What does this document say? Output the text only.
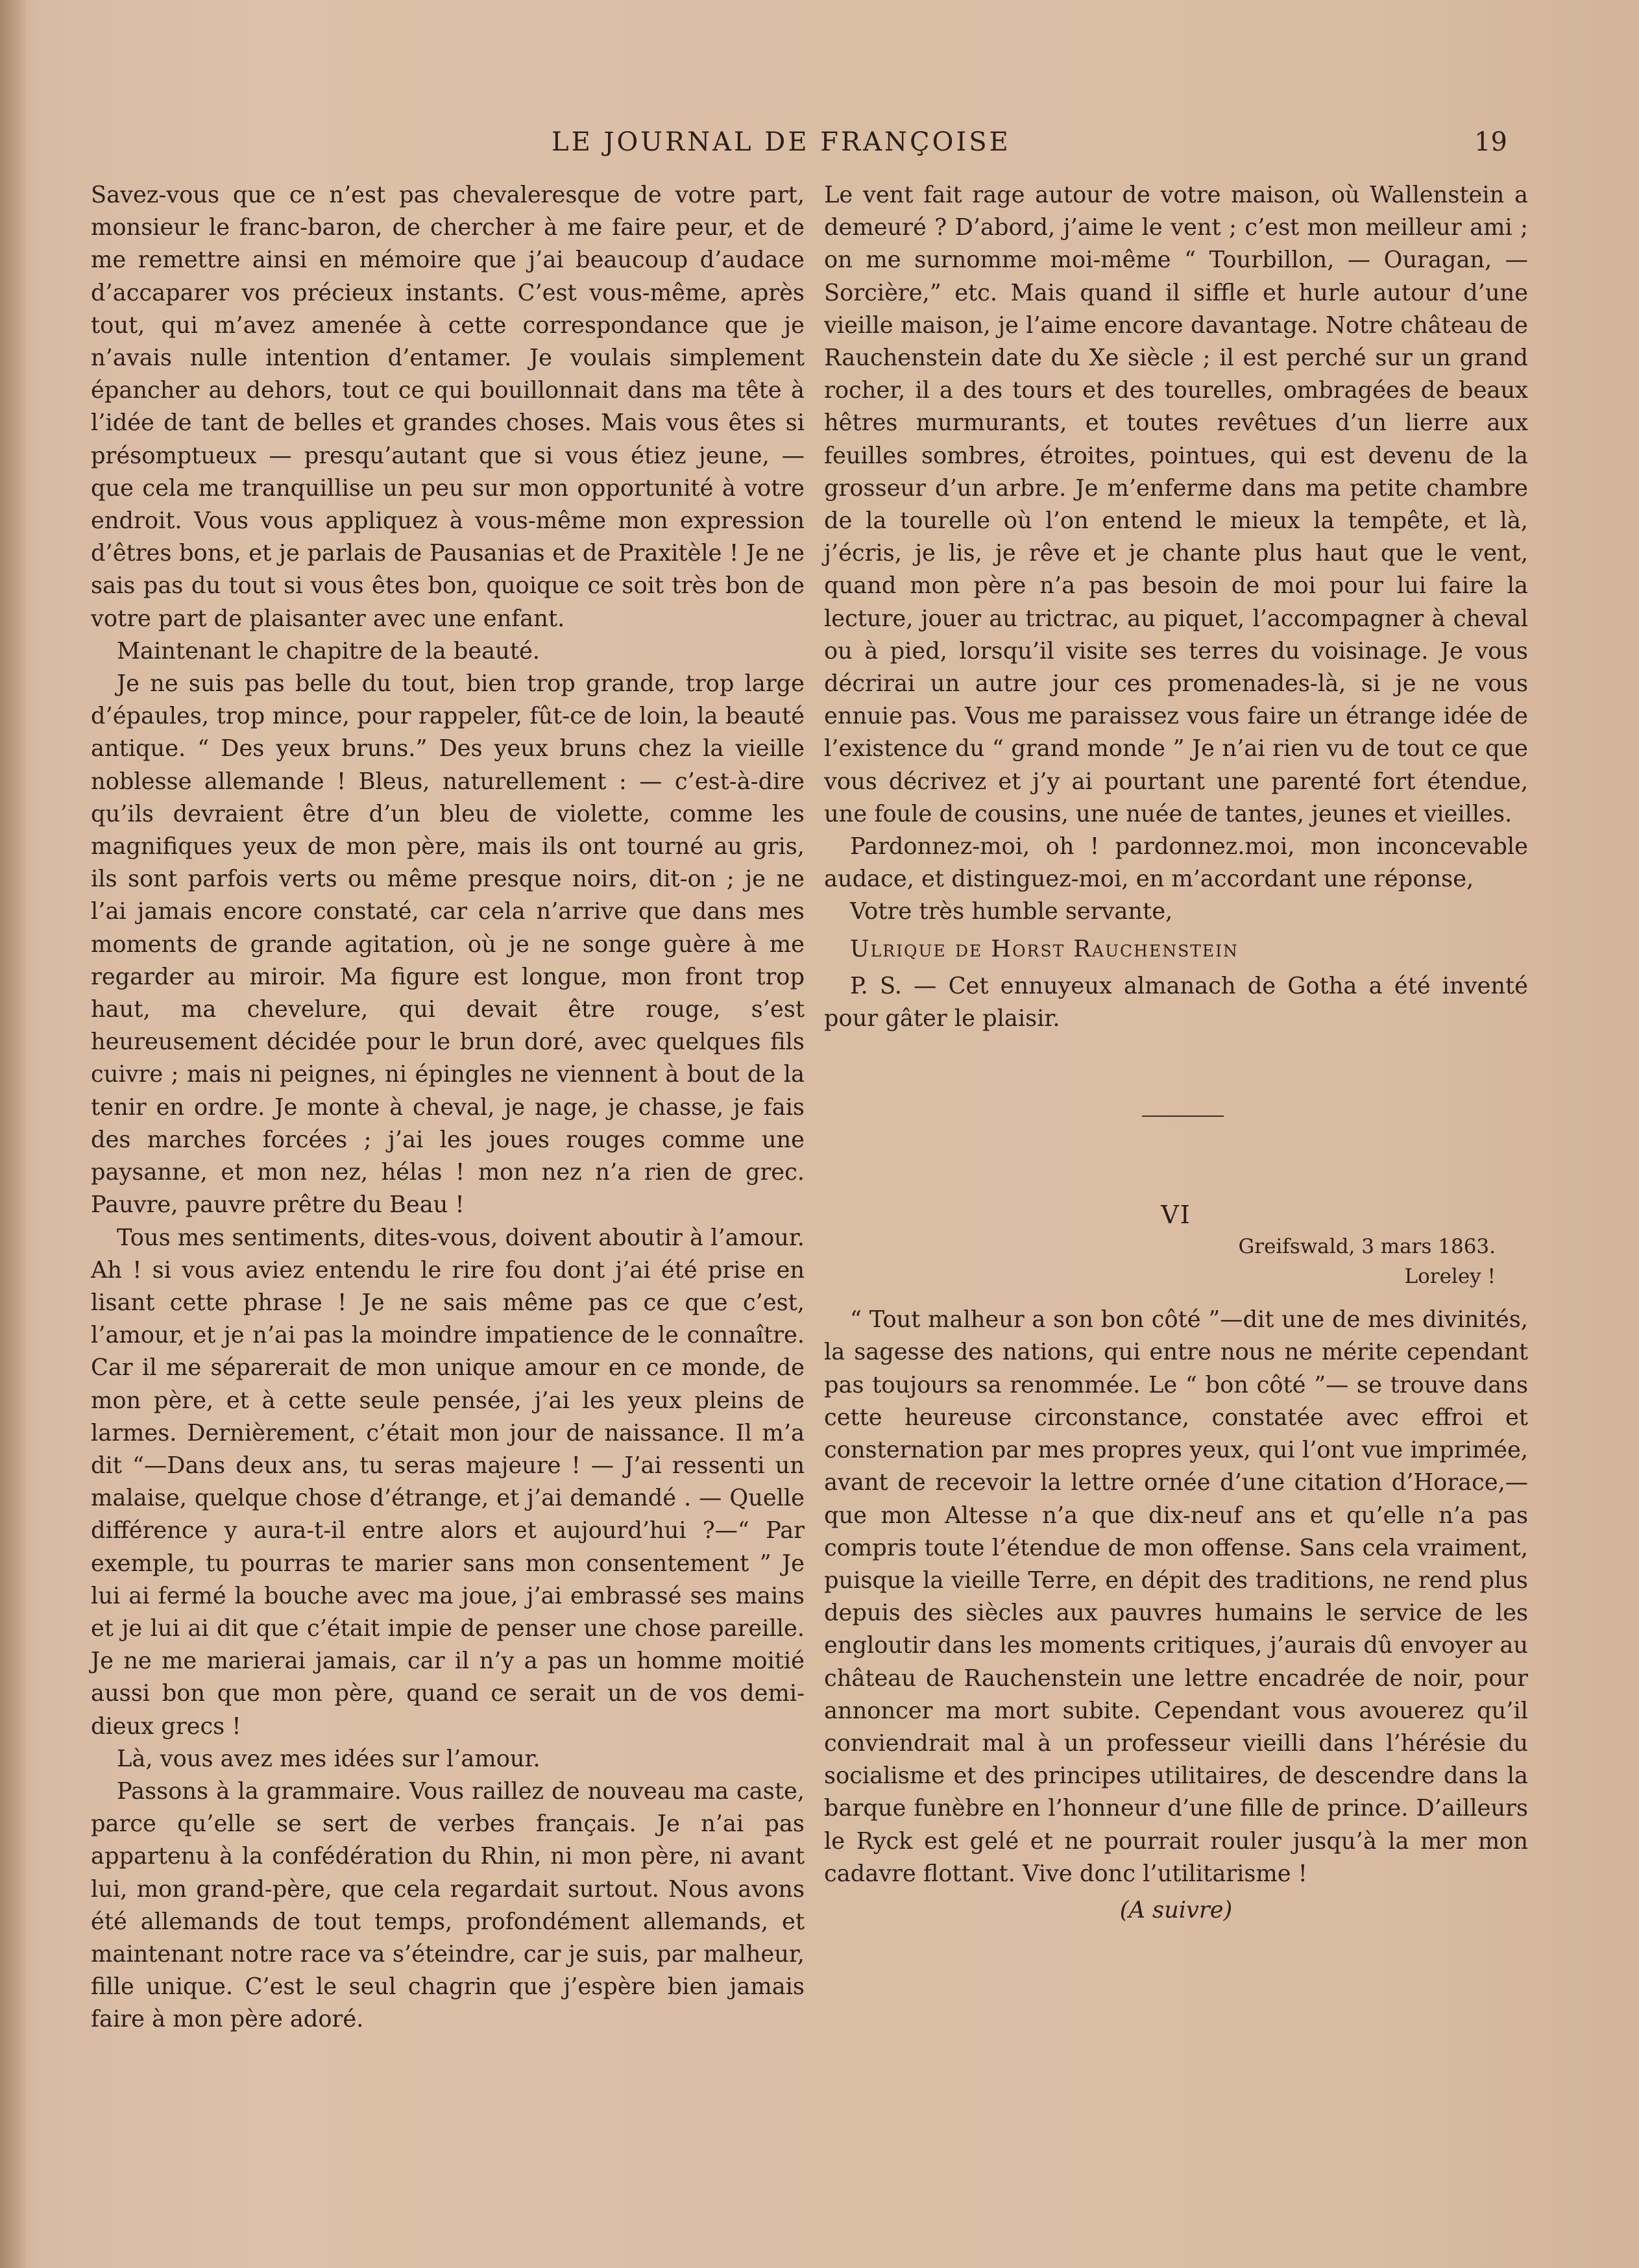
LE JOURNAL DE FRANÇOISE	19

Savez-vous que ce n’est pas chevaleresque de votre part, monsieur le franc-baron, de chercher à me faire peur, et de me remettre ainsi en mémoire que j’ai beaucoup d’audace d’accaparer vos précieux instants. C’est vous-même, après tout, qui m’avez amenée à cette correspondance que je n’avais nulle intention d’entamer. Je voulais simplement épancher au dehors, tout ce qui bouillonnait dans ma tête à l’idée de tant de belles et grandes choses. Mais vous êtes si présomptueux — presqu’autant que si vous étiez jeune, — que cela me tranquillise un peu sur mon opportunité à votre endroit. Vous vous appliquez à vous-même mon expression d’êtres bons, et je parlais de Pausanias et de Praxitèle ! Je ne sais pas du tout si vous êtes bon, quoique ce soit très bon de votre part de plaisanter avec une enfant.

Maintenant le chapitre de la beauté.

Je ne suis pas belle du tout, bien trop grande, trop large d’épaules, trop mince, pour rappeler, fût-ce de loin, la beauté antique. “ Des yeux bruns.” Des yeux bruns chez la vieille noblesse allemande ! Bleus, naturellement : — c’est-à-dire qu’ils devraient être d’un bleu de violette, comme les magnifiques yeux de mon père, mais ils ont tourné au gris, ils sont parfois verts ou même presque noirs, dit-on ; je ne l’ai jamais encore constaté, car cela n’arrive que dans mes moments de grande agitation, où je ne songe guère à me regarder au miroir. Ma figure est longue, mon front trop haut, ma chevelure, qui devait être rouge, s’est heureusement décidée pour le brun doré, avec quelques fils cuivre ; mais ni peignes, ni épingles ne viennent à bout de la tenir en ordre. Je monte à cheval, je nage, je chasse, je fais des marches forcées ; j’ai les joues rouges comme une paysanne, et mon nez, hélas ! mon nez n’a rien de grec. Pauvre, pauvre prêtre du Beau !

Tous mes sentiments, dites-vous, doivent aboutir à l’amour. Ah ! si vous aviez entendu le rire fou dont j’ai été prise en lisant cette phrase ! Je ne sais même pas ce que c’est, l’amour, et je n’ai pas la moindre impatience de le connaître. Car il me séparerait de mon unique amour en ce monde, de mon père, et à cette seule pensée, j’ai les yeux pleins de larmes. Dernièrement, c’était mon jour de naissance. Il m’a dit “—Dans deux ans, tu seras majeure ! — J’ai ressenti un malaise, quelque chose d’étrange, et j’ai demandé . — Quelle différence y aura-t-il entre alors et aujourd’hui ?—“ Par exemple, tu pourras te marier sans mon consentement ” Je lui ai fermé la bouche avec ma joue, j’ai embrassé ses mains et je lui ai dit que c’était impie de penser une chose pareille. Je ne me marierai jamais, car il n’y a pas un homme moitié aussi bon que mon père, quand ce serait un de vos demi-dieux grecs !

Là, vous avez mes idées sur l’amour.

Passons à la grammaire. Vous raillez de nouveau ma caste, parce qu’elle se sert de verbes français. Je n’ai pas appartenu à la confédération du Rhin, ni mon père, ni avant lui, mon grand-père, que cela regardait surtout. Nous avons été allemands de tout temps, profondément allemands, et maintenant notre race va s’éteindre, car je suis, par malheur, fille unique. C’est le seul chagrin que j’espère bien jamais faire à mon père adoré.

Le vent fait rage autour de votre maison, où Wallenstein a demeuré ? D’abord, j’aime le vent ; c’est mon meilleur ami ; on me surnomme moi-même “ Tourbillon, — Ouragan, — Sorcière,” etc. Mais quand il siffle et hurle autour d’une vieille maison, je l’aime encore davantage. Notre château de Rauchenstein date du Xe siècle ; il est perché sur un grand rocher, il a des tours et des tourelles, ombragées de beaux hêtres murmurants, et toutes revêtues d’un lierre aux feuilles sombres, étroites, pointues, qui est devenu de la grosseur d’un arbre. Je m’enferme dans ma petite chambre de la tourelle où l’on entend le mieux la tempête, et là, j’écris, je lis, je rêve et je chante plus haut que le vent, quand mon père n’a pas besoin de moi pour lui faire la lecture, jouer au trictrac, au piquet, l’accompagner à cheval ou à pied, lorsqu’il visite ses terres du voisinage. Je vous décrirai un autre jour ces promenades-là, si je ne vous ennuie pas. Vous me paraissez vous faire un étrange idée de l’existence du “ grand monde ” Je n’ai rien vu de tout ce que vous décrivez et j’y ai pourtant une parenté fort étendue, une foule de cousins, une nuée de tantes, jeunes et vieilles.

Pardonnez-moi, oh ! pardonnez.moi, mon inconcevable audace, et distinguez-moi, en m’accordant une réponse,

Votre très humble servante,

Ulrique de Horst Rauchenstein

P. S. — Cet ennuyeux almanach de Gotha a été inventé pour gâter le plaisir.

VI
Greifswald, 3 mars 1863.
Loreley !

“ Tout malheur a son bon côté ”—dit une de mes divinités, la sagesse des nations, qui entre nous ne mérite cependant pas toujours sa renommée. Le “ bon côté ”— se trouve dans cette heureuse circonstance, constatée avec effroi et consternation par mes propres yeux, qui l’ont vue imprimée, avant de recevoir la lettre ornée d’une citation d’Horace,—que mon Altesse n’a que dix-neuf ans et qu’elle n’a pas compris toute l’étendue de mon offense. Sans cela vraiment, puisque la vieille Terre, en dépit des traditions, ne rend plus depuis des siècles aux pauvres humains le service de les engloutir dans les moments critiques, j’aurais dû envoyer au château de Rauchenstein une lettre encadrée de noir, pour annoncer ma mort subite. Cependant vous avouerez qu’il conviendrait mal à un professeur vieilli dans l’hérésie du socialisme et des principes utilitaires, de descendre dans la barque funèbre en l’honneur d’une fille de prince. D’ailleurs le Ryck est gelé et ne pourrait rouler jusqu’à la mer mon cadavre flottant. Vive donc l’utilitarisme !

(A suivre)
